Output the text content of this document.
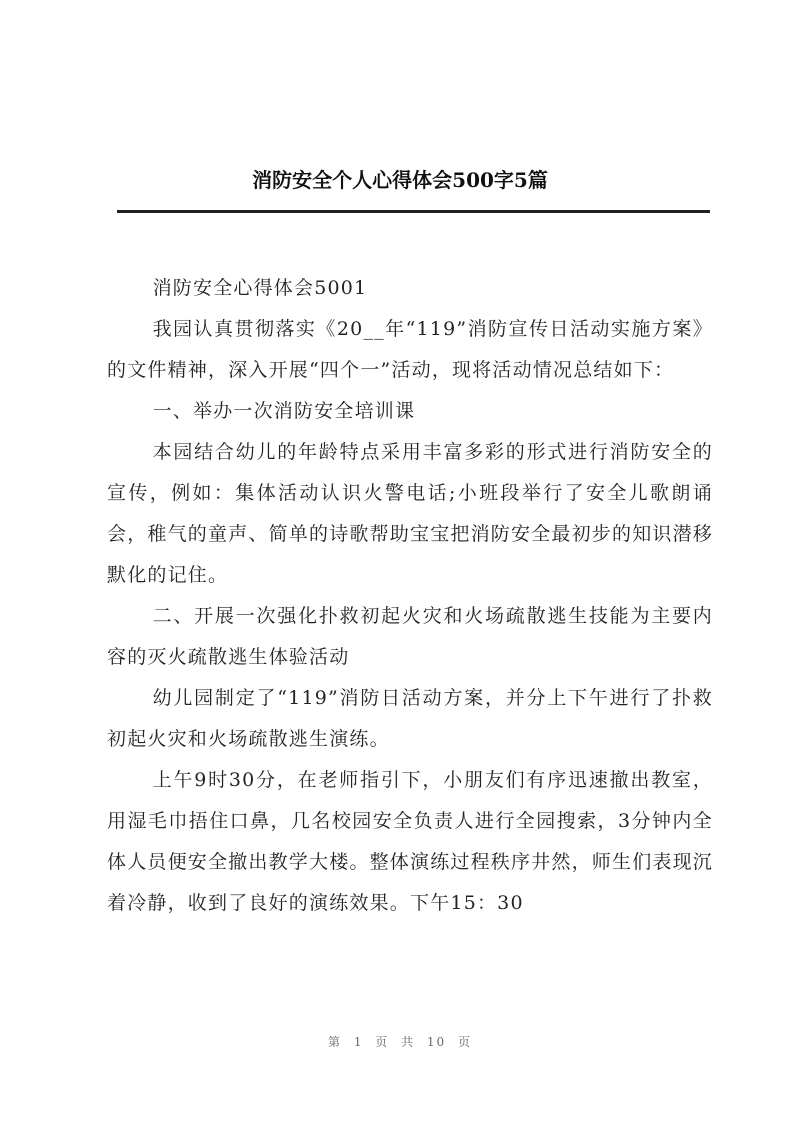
消防安全个人心得体会500字5篇

消防安全心得体会5001

我园认真贯彻落实《20__年“119”消防宣传日活动实施方案》的文件精神，深入开展“四个一”活动，现将活动情况总结如下：

一、举办一次消防安全培训课

本园结合幼儿的年龄特点采用丰富多彩的形式进行消防安全的宣传，例如：集体活动认识火警电话;小班段举行了安全儿歌朗诵会，稚气的童声、简单的诗歌帮助宝宝把消防安全最初步的知识潜移默化的记住。

二、开展一次强化扑救初起火灾和火场疏散逃生技能为主要内容的灭火疏散逃生体验活动

幼儿园制定了“119”消防日活动方案，并分上下午进行了扑救初起火灾和火场疏散逃生演练。

上午9时30分，在老师指引下，小朋友们有序迅速撤出教室，用湿毛巾捂住口鼻，几名校园安全负责人进行全园搜索，3分钟内全体人员便安全撤出教学大楼。整体演练过程秩序井然，师生们表现沉着冷静，收到了良好的演练效果。下午15：30

第 1 页 共 10 页
